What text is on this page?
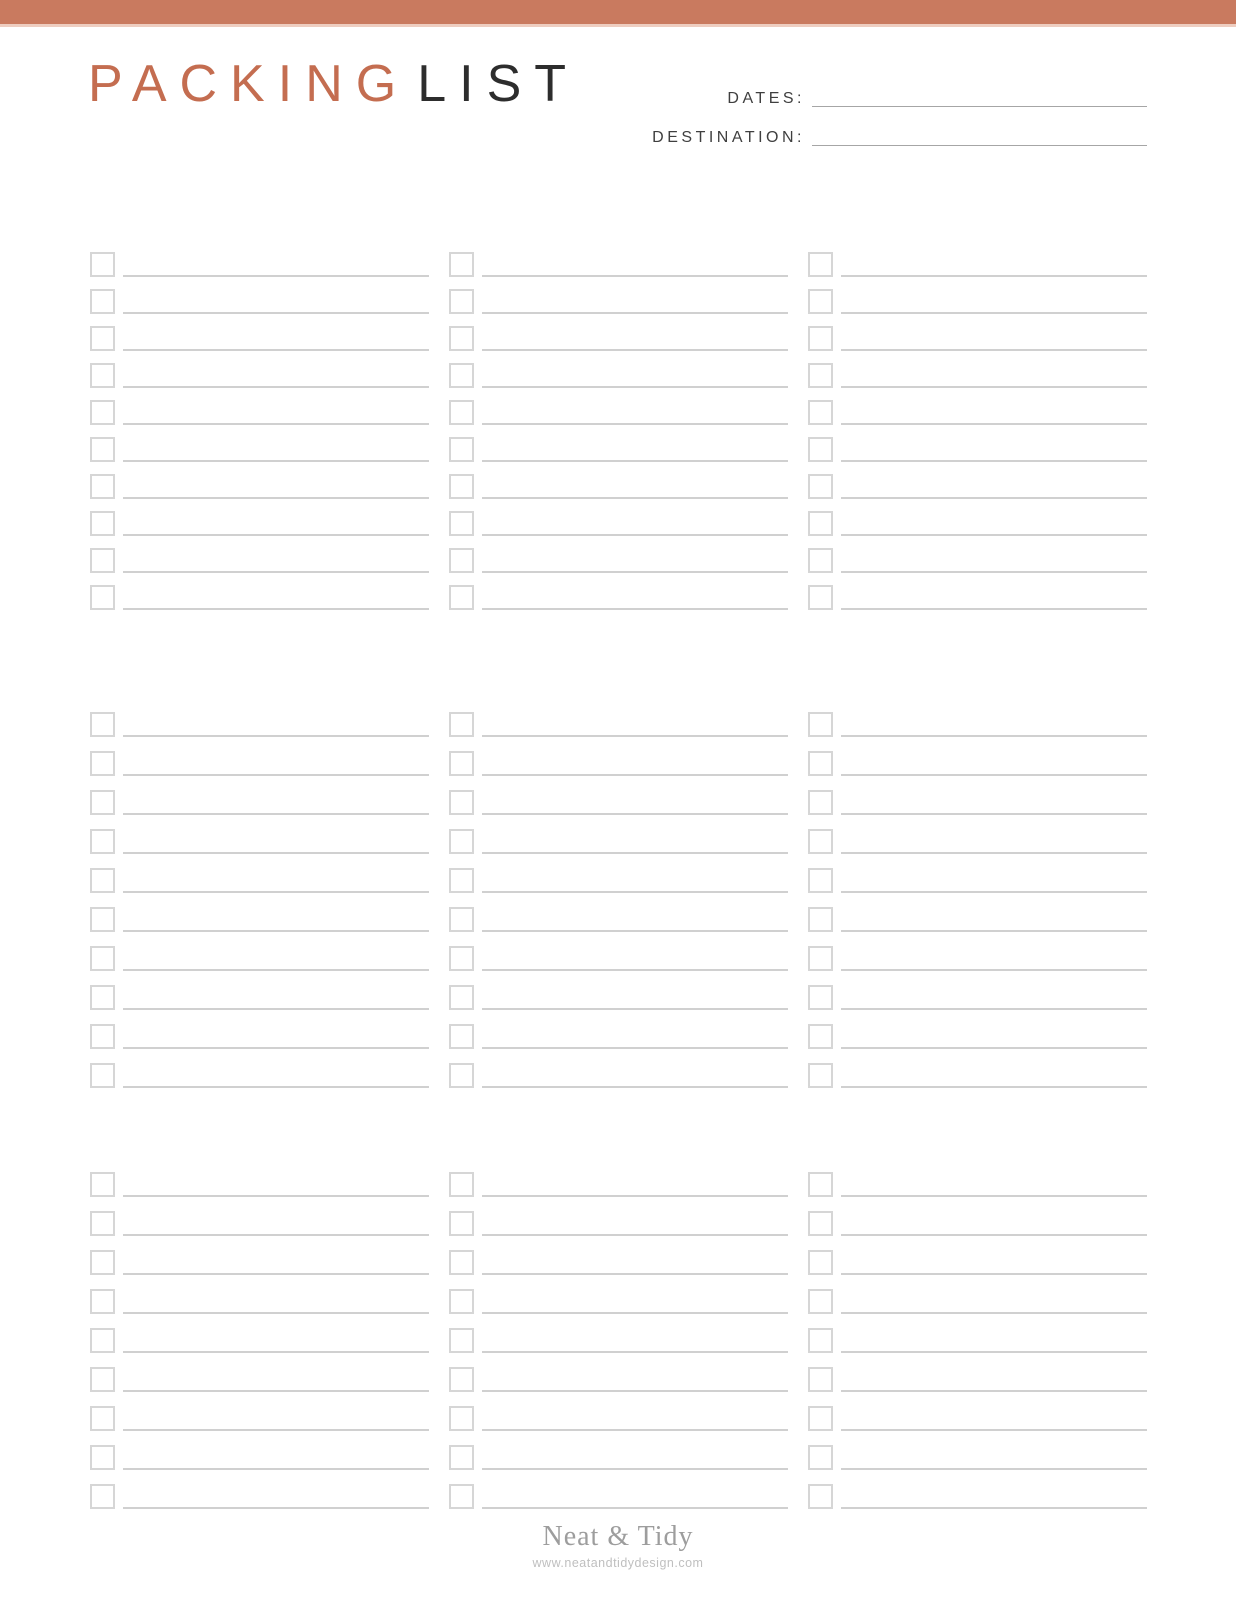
PACKING LIST	DATES:
DESTINATION:
Neat & Tidy
www.neatandtidydesign.com
